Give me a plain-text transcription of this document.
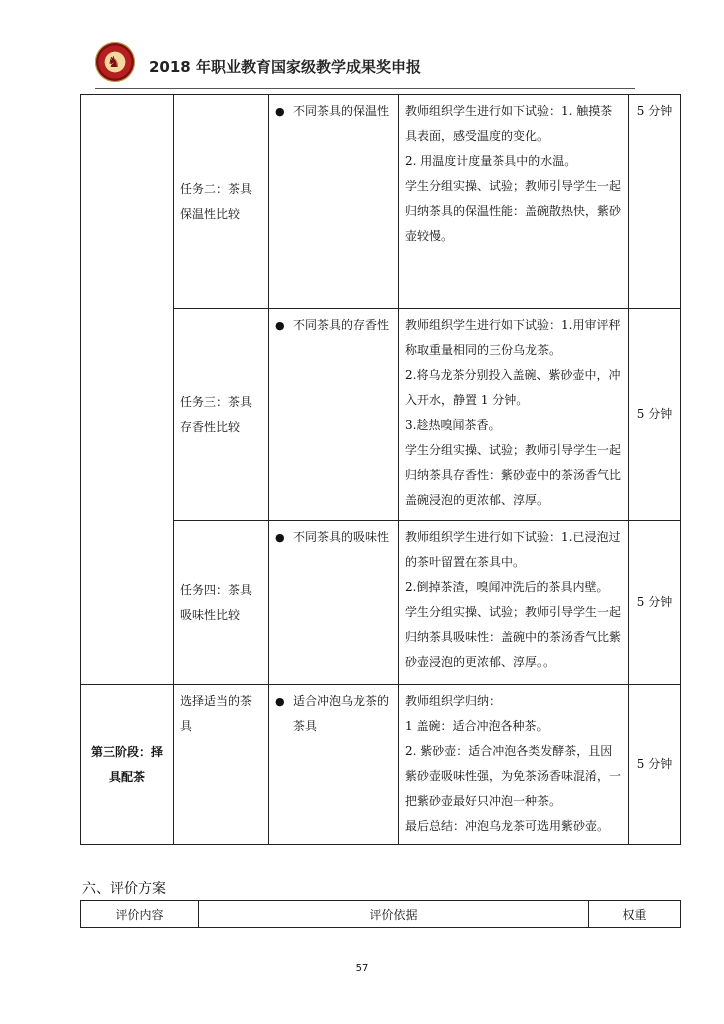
♞ 2018 年职业教育国家级教学成果奖申报
	任务二：茶具保温性比较	● 不同茶具的保温性	教师组织学生进行如下试验：1. 触摸茶具表面，感受温度的变化。
2. 用温度计度量茶具中的水温。
学生分组实操、试验；教师引导学生一起归纳茶具的保温性能：盖碗散热快，紫砂壶较慢。	5 分钟
	任务三：茶具存香性比较	● 不同茶具的存香性	教师组织学生进行如下试验：1.用审评秤称取重量相同的三份乌龙茶。
2.将乌龙茶分别投入盖碗、紫砂壶中，冲入开水，静置 1 分钟。
3.趁热嗅闻茶香。
学生分组实操、试验；教师引导学生一起归纳茶具存香性：紫砂壶中的茶汤香气比盖碗浸泡的更浓郁、淳厚。	5 分钟
	任务四：茶具吸味性比较	● 不同茶具的吸味性	教师组织学生进行如下试验：1.已浸泡过的茶叶留置在茶具中。
2.倒掉茶渣，嗅闻冲洗后的茶具内壁。
学生分组实操、试验；教师引导学生一起归纳茶具吸味性：盖碗中的茶汤香气比紫砂壶浸泡的更浓郁、淳厚。。	5 分钟
第三阶段：择具配茶	选择适当的茶具	● 适合冲泡乌龙茶的茶具	教师组织学归纳：
1 盖碗：适合冲泡各种茶。
2. 紫砂壶：适合冲泡各类发酵茶，且因紫砂壶吸味性强，为免茶汤香味混淆，一把紫砂壶最好只冲泡一种茶。
最后总结：冲泡乌龙茶可选用紫砂壶。	5 分钟
六、评价方案
评价内容	评价依据	权重
57
